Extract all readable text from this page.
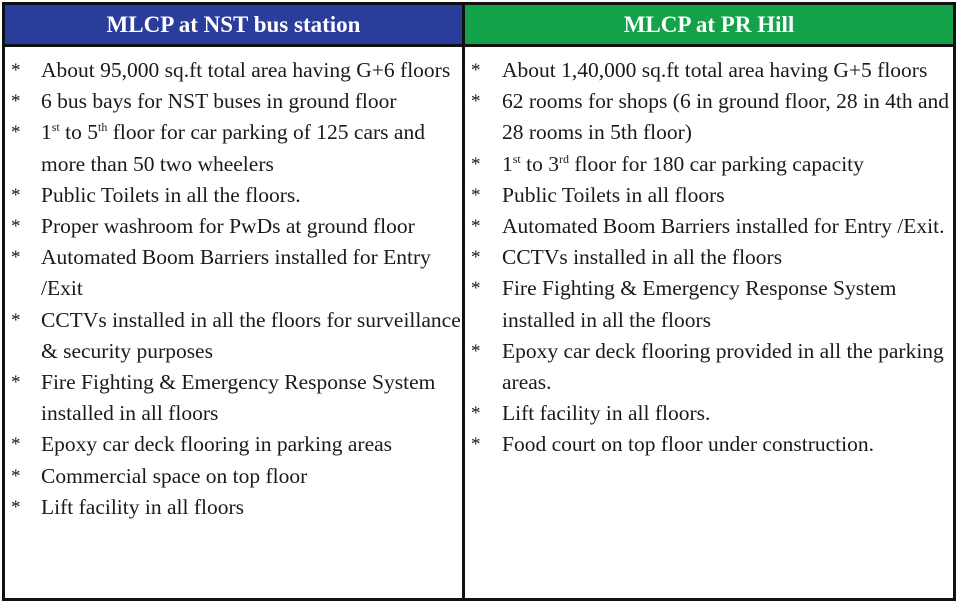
MLCP at NST bus station
* About 95,000 sq.ft total area having G+6 floors
* 6 bus bays for NST buses in ground floor
* 1st to 5th floor for car parking of 125 cars and more than 50 two wheelers
* Public Toilets in all the floors.
* Proper washroom for PwDs at ground floor
* Automated Boom Barriers installed for Entry /Exit
* CCTVs installed in all the floors for surveillance & security purposes
* Fire Fighting & Emergency Response System installed in all floors
* Epoxy car deck flooring in parking areas
* Commercial space on top floor
* Lift facility in all floors
MLCP at PR Hill
* About 1,40,000 sq.ft total area having G+5 floors
* 62 rooms for shops (6 in ground floor, 28 in 4th and 28 rooms in 5th floor)
* 1st to 3rd floor for 180 car parking capacity
* Public Toilets in all floors
* Automated Boom Barriers installed for Entry /Exit.
* CCTVs installed in all the floors
* Fire Fighting & Emergency Response System installed in all the floors
* Epoxy car deck flooring provided in all the parking areas.
* Lift facility in all floors.
* Food court on top floor under construction.
